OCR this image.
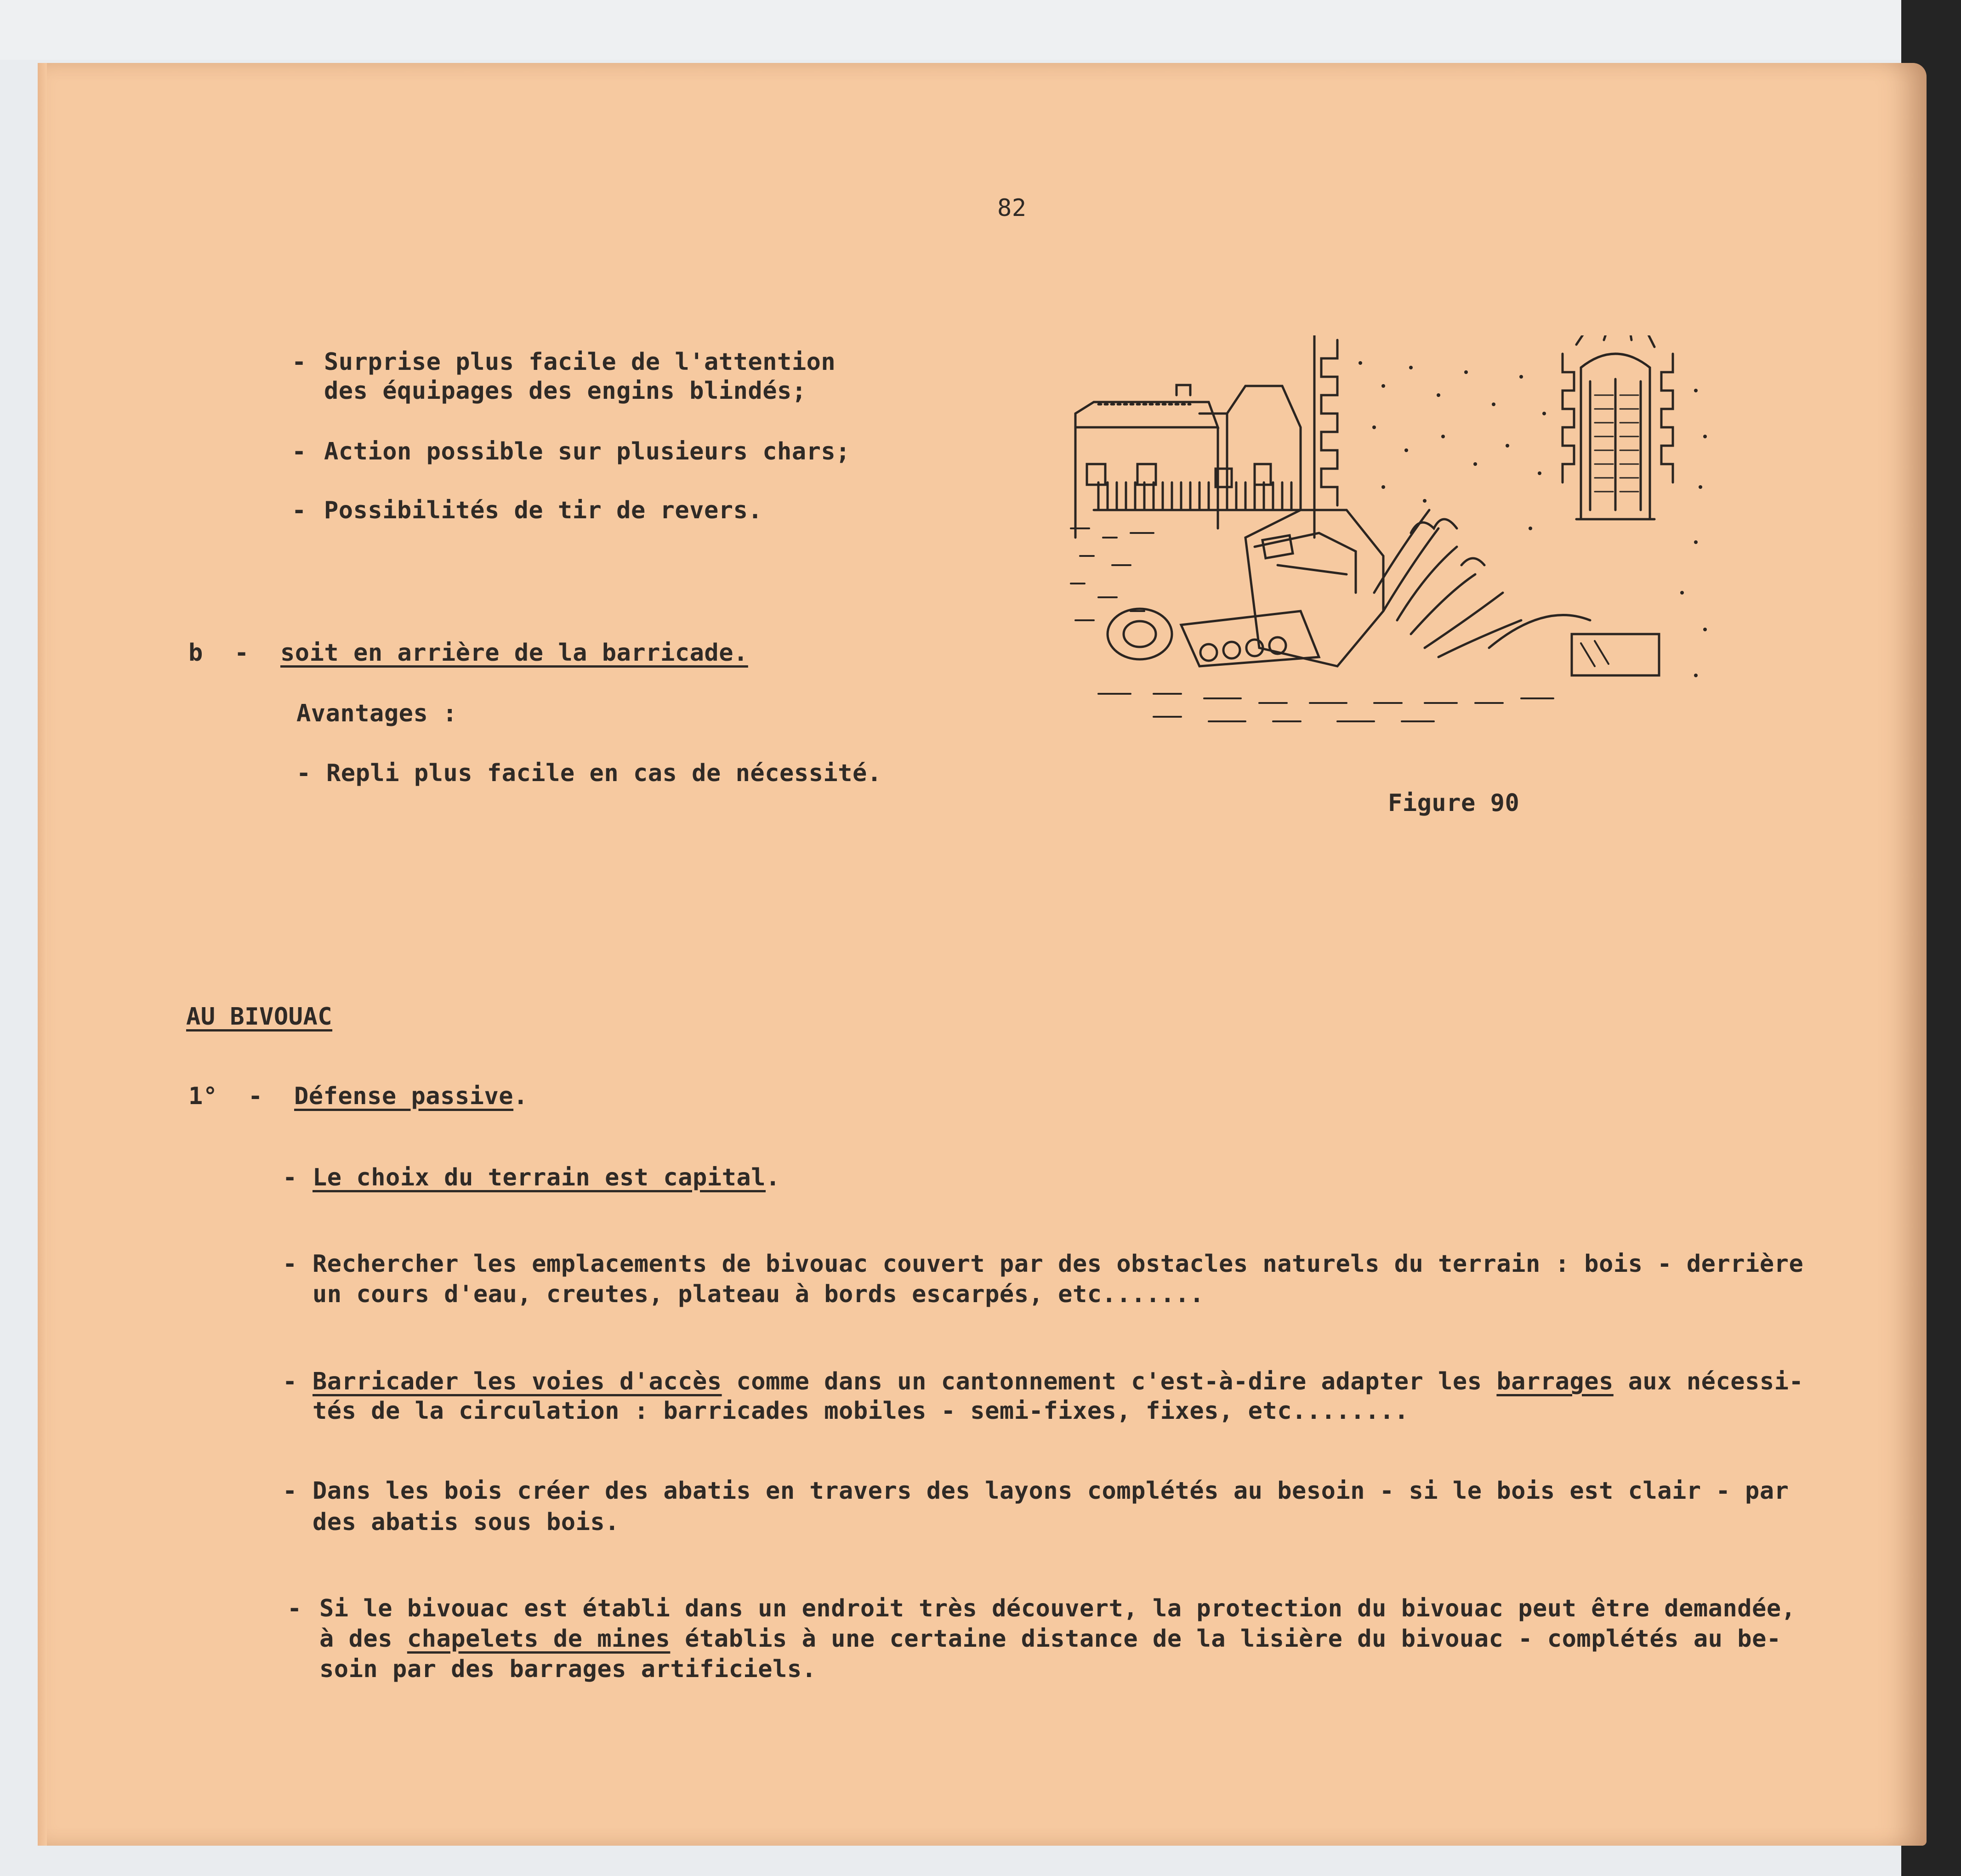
82
- Surprise plus facile de l'attention
des équipages des engins blindés;
- Action possible sur plusieurs chars;
- Possibilités de tir de revers.
b - soit en arrière de la barricade.
Avantages :
- Repli plus facile en cas de nécessité.
Figure 90
AU BIVOUAC
1° - Défense passive.
- Le choix du terrain est capital.
- Rechercher les emplacements de bivouac couvert par des obstacles naturels du terrain : bois - derrière
un cours d'eau, creutes, plateau à bords escarpés, etc.......
- Barricader les voies d'accès comme dans un cantonnement c'est-à-dire adapter les barrages aux nécessi-
tés de la circulation : barricades mobiles - semi-fixes, fixes, etc........
- Dans les bois créer des abatis en travers des layons complétés au besoin - si le bois est clair - par
des abatis sous bois.
- Si le bivouac est établi dans un endroit très découvert, la protection du bivouac peut être demandée,
à des chapelets de mines établis à une certaine distance de la lisière du bivouac - complétés au be-
soin par des barrages artificiels.
